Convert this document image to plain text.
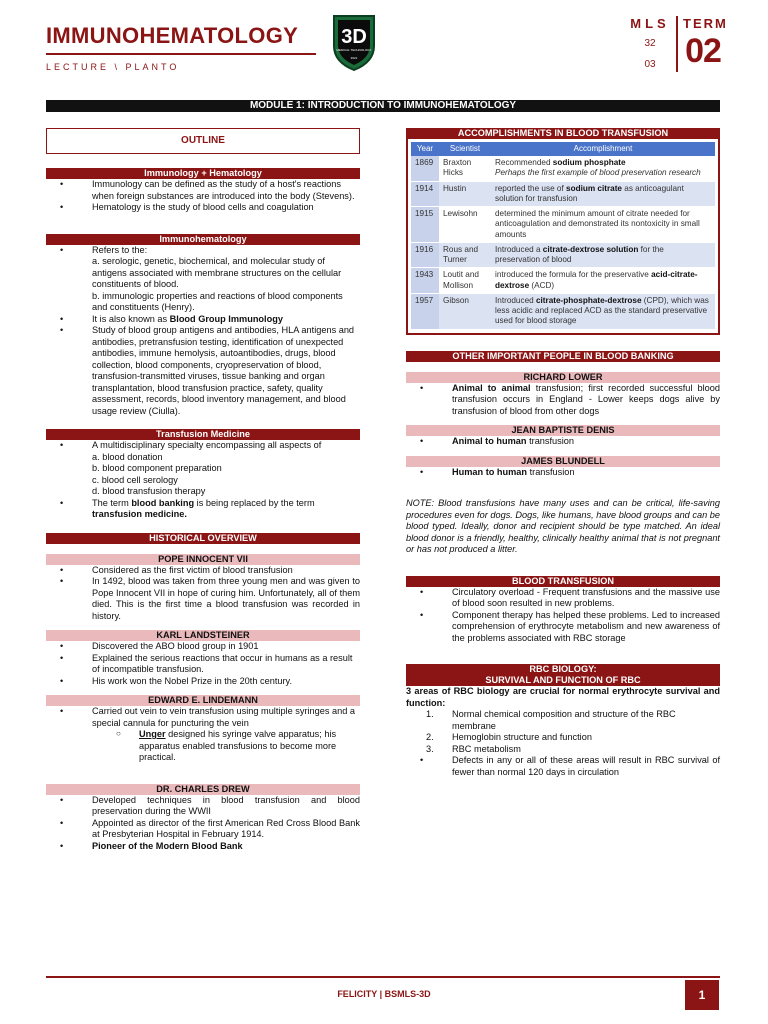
IMMUNOHEMATOLOGY
LECTURE \ PLANTO
3D
MEDICAL TECHNOLOGY
2021
MLS
32
03
TERM
02
MODULE 1: INTRODUCTION TO IMMUNOHEMATOLOGY
OUTLINE
Immunology + Hematology
• Immunology can be defined as the study of a host's reactions when foreign substances are introduced into the body (Stevens).
• Hematology is the study of blood cells and coagulation
Immunohematology
• Refers to the:
a. serologic, genetic, biochemical, and molecular study of antigens associated with membrane structures on the cellular constituents of blood.
b. immunologic properties and reactions of blood components and constituents (Henry).
• It is also known as Blood Group Immunology
• Study of blood group antigens and antibodies, HLA antigens and antibodies, pretransfusion testing, identification of unexpected antibodies, immune hemolysis, autoantibodies, drugs, blood collection, blood components, cryopreservation of blood, transfusion-transmitted viruses, tissue banking and organ transplantation, blood transfusion practice, safety, quality assessment, records, blood inventory management, and blood usage review (Ciulla).
Transfusion Medicine
• A multidisciplinary specialty encompassing all aspects of
a. blood donation
b. blood component preparation
c. blood cell serology
d. blood transfusion therapy
• The term blood banking is being replaced by the term transfusion medicine.
HISTORICAL OVERVIEW
POPE INNOCENT VII
• Considered as the first victim of blood transfusion
• In 1492, blood was taken from three young men and was given to Pope Innocent VII in hope of curing him. Unfortunately, all of them died. This is the first time a blood transfusion was recorded in history.
KARL LANDSTEINER
• Discovered the ABO blood group in 1901
• Explained the serious reactions that occur in humans as a result of incompatible transfusion.
• His work won the Nobel Prize in the 20th century.
EDWARD E. LINDEMANN
• Carried out vein to vein transfusion using multiple syringes and a special cannula for puncturing the vein
○ Unger designed his syringe valve apparatus; his apparatus enabled transfusions to become more practical.
DR. CHARLES DREW
• Developed techniques in blood transfusion and blood preservation during the WWII
• Appointed as director of the first American Red Cross Blood Bank at Presbyterian Hospital in February 1914.
• Pioneer of the Modern Blood Bank
ACCOMPLISHMENTS IN BLOOD TRANSFUSION
Year	Scientist	Accomplishment
1869	Braxton Hicks	Recommended sodium phosphate
Perhaps the first example of blood preservation research
1914	Hustin	reported the use of sodium citrate as anticoagulant solution for transfusion
1915	Lewisohn	determined the minimum amount of citrate needed for anticoagulation and demonstrated its nontoxicity in small amounts
1916	Rous and Turner	Introduced a citrate-dextrose solution for the preservation of blood
1943	Loutit and Mollison	introduced the formula for the preservative acid-citrate-dextrose (ACD)
1957	Gibson	Introduced citrate-phosphate-dextrose (CPD), which was less acidic and replaced ACD as the standard preservative used for blood storage
OTHER IMPORTANT PEOPLE IN BLOOD BANKING
RICHARD LOWER
• Animal to animal transfusion; first recorded successful blood transfusion occurs in England - Lower keeps dogs alive by transfusion of blood from other dogs
JEAN BAPTISTE DENIS
• Animal to human transfusion
JAMES BLUNDELL
• Human to human transfusion
NOTE: Blood transfusions have many uses and can be critical, life-saving procedures even for dogs. Dogs, like humans, have blood groups and can be blood typed. Ideally, donor and recipient should be type matched. An ideal blood donor is a friendly, healthy, clinically healthy animal that is not pregnant or has not produced a litter.
BLOOD TRANSFUSION
• Circulatory overload - Frequent transfusions and the massive use of blood soon resulted in new problems.
• Component therapy has helped these problems. Led to increased comprehension of erythrocyte metabolism and new awareness of the problems associated with RBC storage
RBC BIOLOGY:
SURVIVAL AND FUNCTION OF RBC
3 areas of RBC biology are crucial for normal erythrocyte survival and function:
1. Normal chemical composition and structure of the RBC membrane
2. Hemoglobin structure and function
3. RBC metabolism
• Defects in any or all of these areas will result in RBC survival of fewer than normal 120 days in circulation
FELICITY | BSMLS-3D	1
